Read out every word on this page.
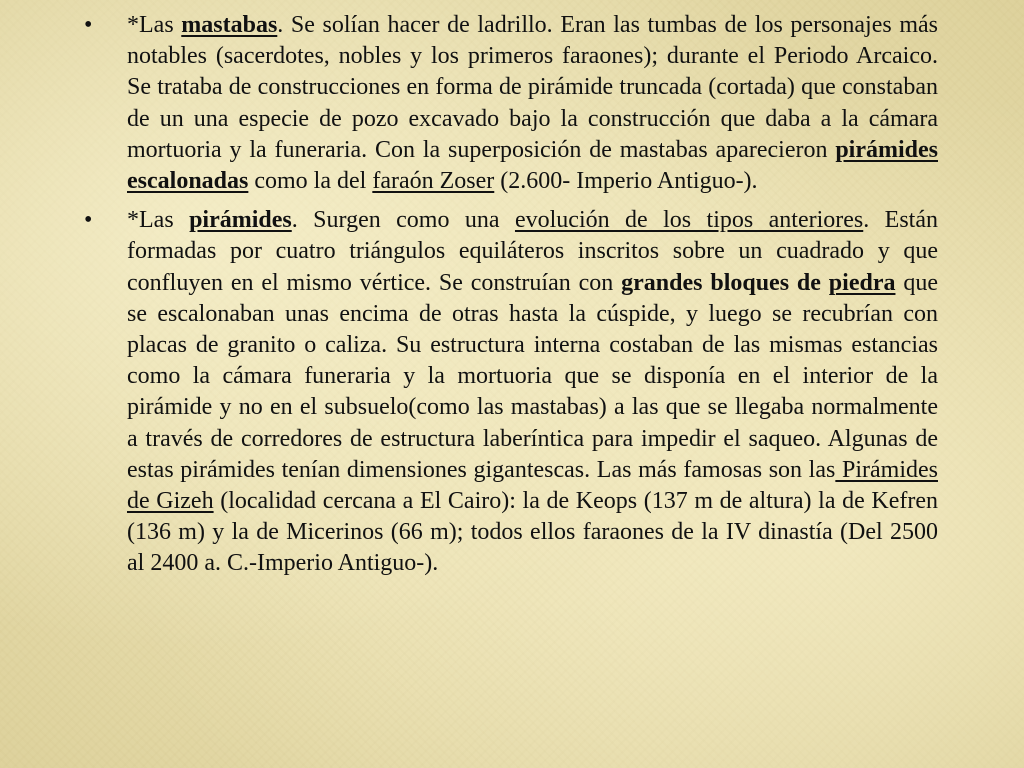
•	*Las mastabas. Se solían hacer de ladrillo. Eran las tumbas de los personajes más notables (sacerdotes, nobles y los primeros faraones); durante el Periodo Arcaico. Se trataba de construcciones en forma de pirámide truncada (cortada) que constaban de un una especie de pozo excavado bajo la construcción que daba a la cámara mortuoria y la funeraria. Con la superposición de mastabas aparecieron pirámides escalonadas como la del faraón Zoser (2.600- Imperio Antiguo-).
•	*Las pirámides. Surgen como una evolución de los tipos anteriores. Están formadas por cuatro triángulos equiláteros inscritos sobre un cuadrado y que confluyen en el mismo vértice. Se construían con grandes bloques de piedra que se escalonaban unas encima de otras hasta la cúspide, y luego se recubrían con placas de granito o caliza. Su estructura interna costaban de las mismas estancias como la cámara funeraria y la mortuoria que se disponía en el interior de la pirámide y no en el subsuelo(como las mastabas) a las que se llegaba normalmente a través de corredores de estructura laberíntica para impedir el saqueo. Algunas de estas pirámides tenían dimensiones gigantescas. Las más famosas son las Pirámides de Gizeh (localidad cercana a El Cairo): la de Keops (137 m de altura) la de Kefren (136 m) y la de Micerinos (66 m); todos ellos faraones de la IV dinastía (Del 2500 al 2400 a. C.-Imperio Antiguo-).
